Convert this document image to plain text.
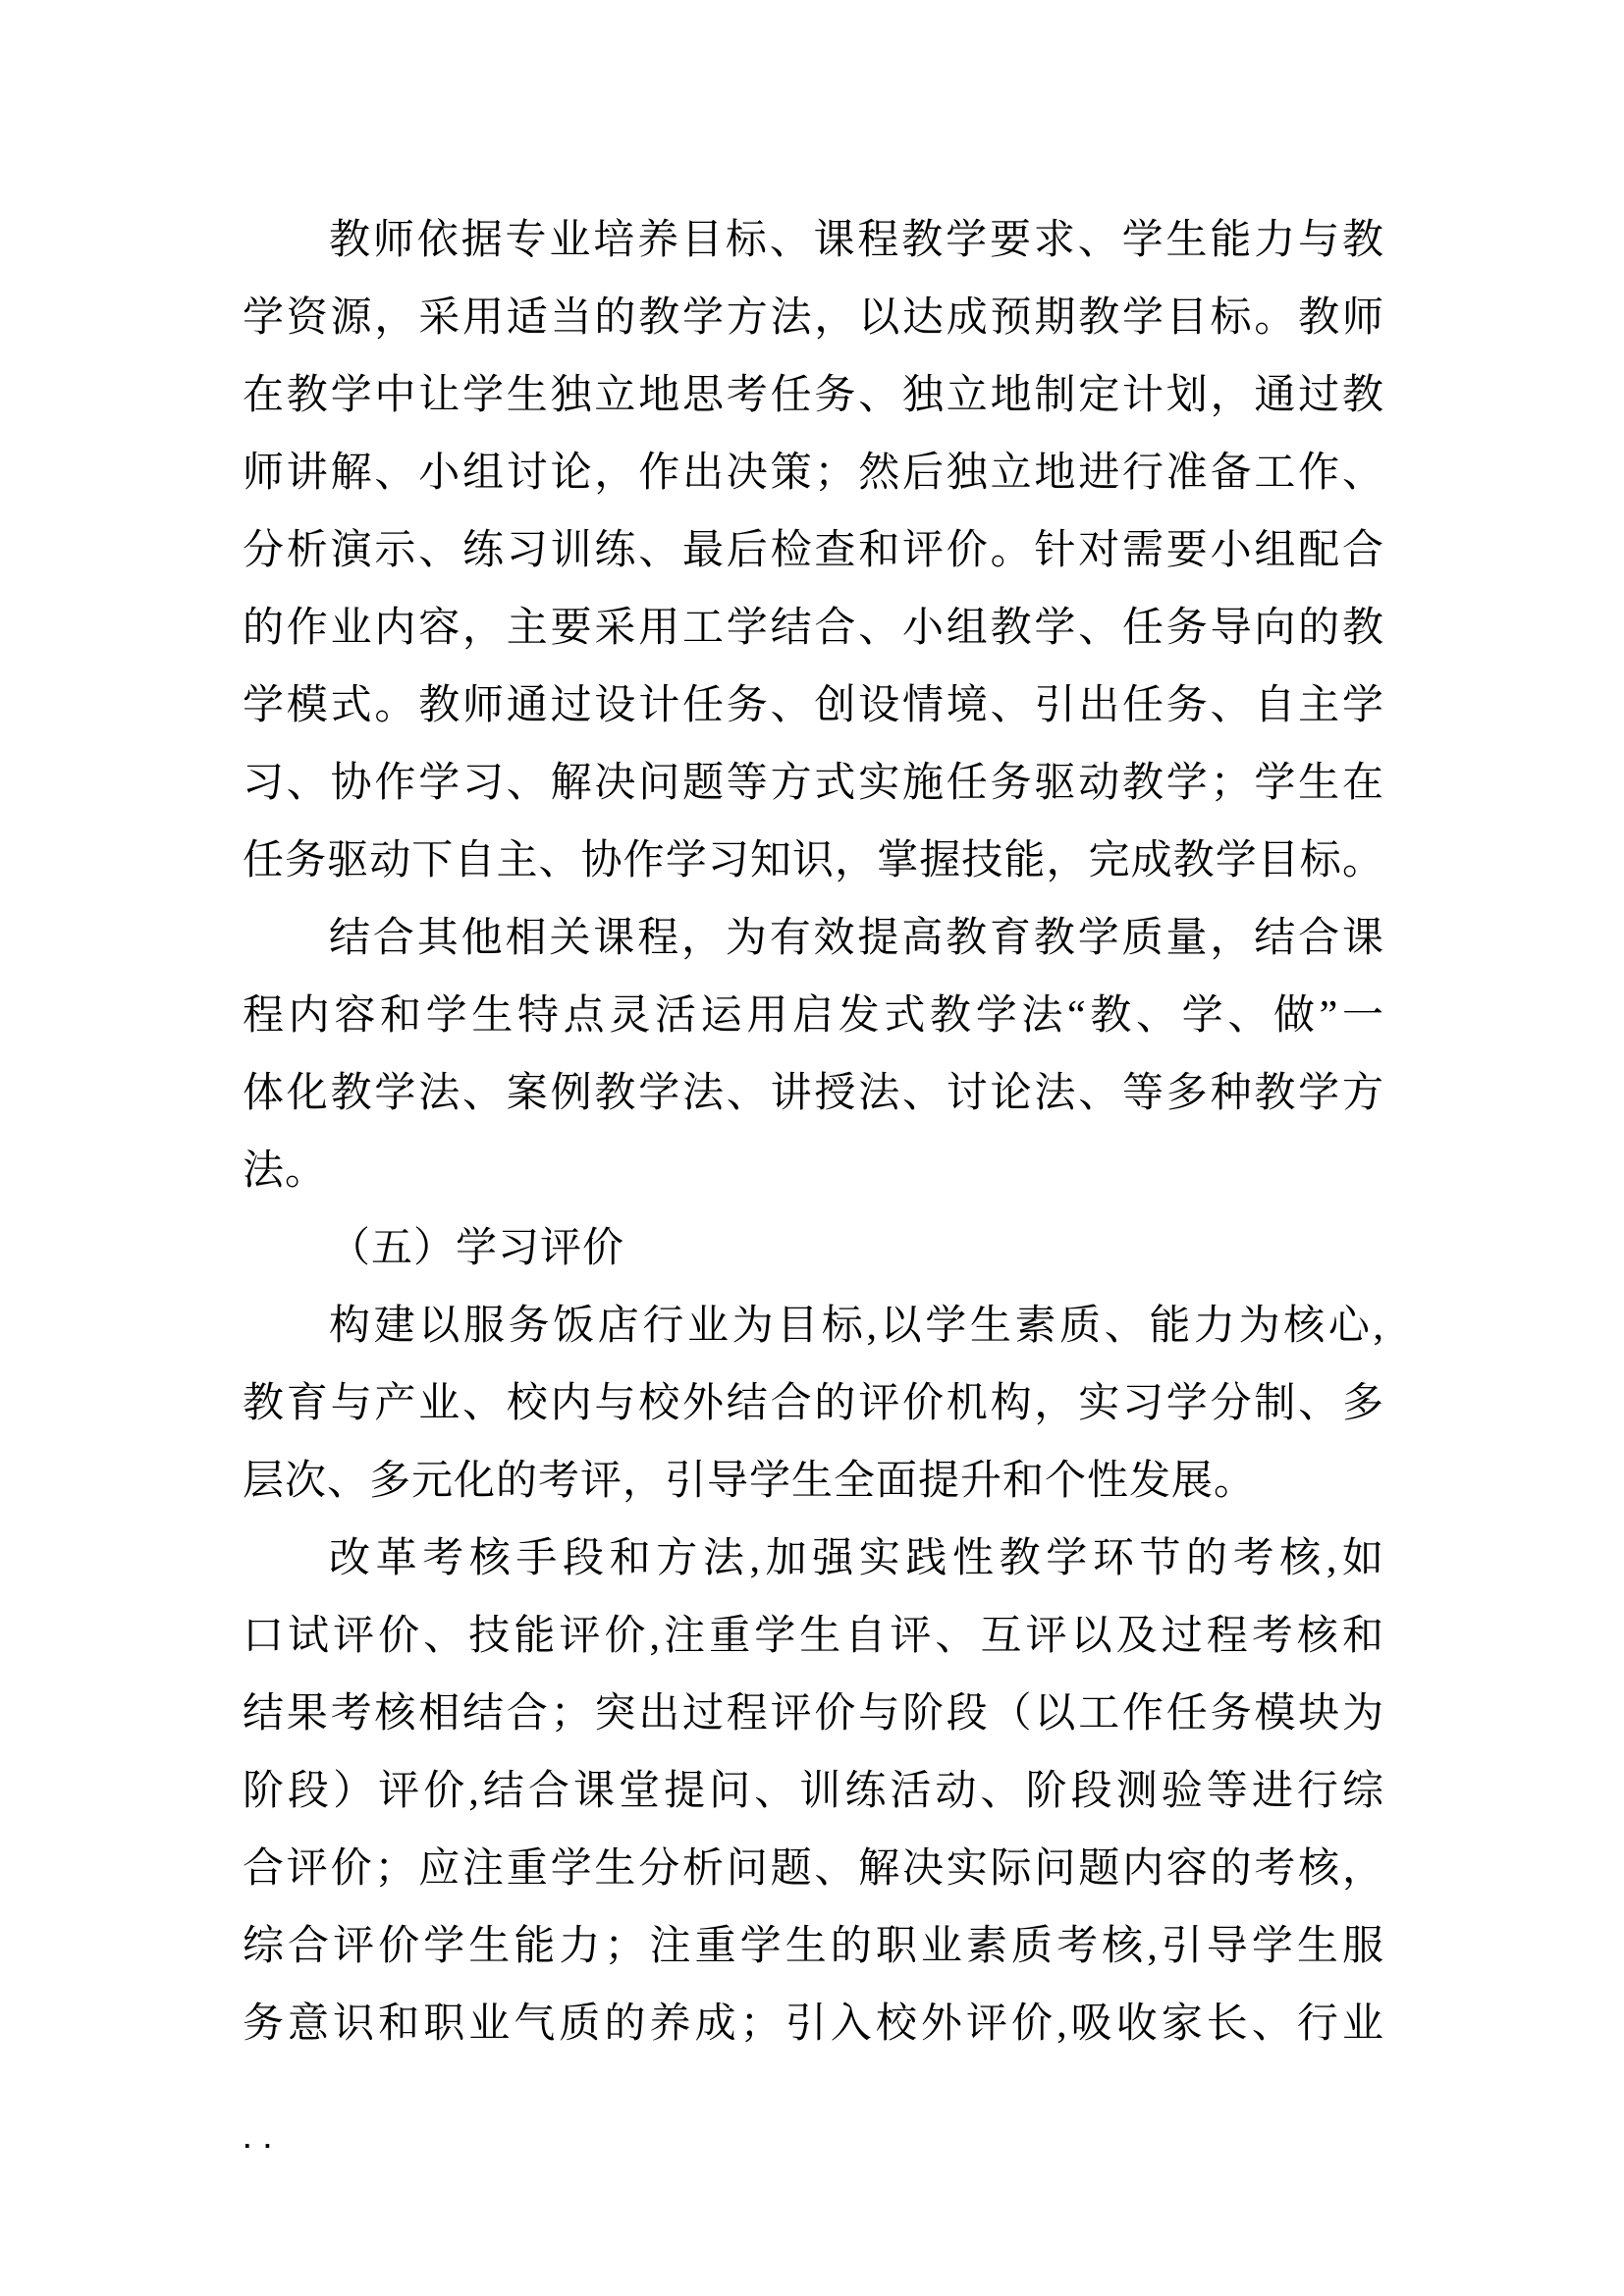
教师依据专业培养目标、课程教学要求、学生能力与教
学资源，采用适当的教学方法，以达成预期教学目标。教师
在教学中让学生独立地思考任务、独立地制定计划，通过教
师讲解、小组讨论，作出决策；然后独立地进行准备工作、
分析演示、练习训练、最后检查和评价。针对需要小组配合
的作业内容，主要采用工学结合、小组教学、任务导向的教
学模式。教师通过设计任务、创设情境、引出任务、自主学
习、协作学习、解决问题等方式实施任务驱动教学；学生在
任务驱动下自主、协作学习知识，掌握技能，完成教学目标。
结合其他相关课程，为有效提高教育教学质量，结合课
程内容和学生特点灵活运用启发式教学法“教、学、做”一
体化教学法、案例教学法、讲授法、讨论法、等多种教学方
法。
（五）学习评价
构建以服务饭店行业为目标,以学生素质、能力为核心,
教育与产业、校内与校外结合的评价机构，实习学分制、多
层次、多元化的考评，引导学生全面提升和个性发展。
改革考核手段和方法,加强实践性教学环节的考核,如
口试评价、技能评价,注重学生自评、互评以及过程考核和
结果考核相结合；突出过程评价与阶段（以工作任务模块为
阶段）评价,结合课堂提问、训练活动、阶段测验等进行综
合评价；应注重学生分析问题、解决实际问题内容的考核，
综合评价学生能力；注重学生的职业素质考核,引导学生服
务意识和职业气质的养成；引入校外评价,吸收家长、行业
..
